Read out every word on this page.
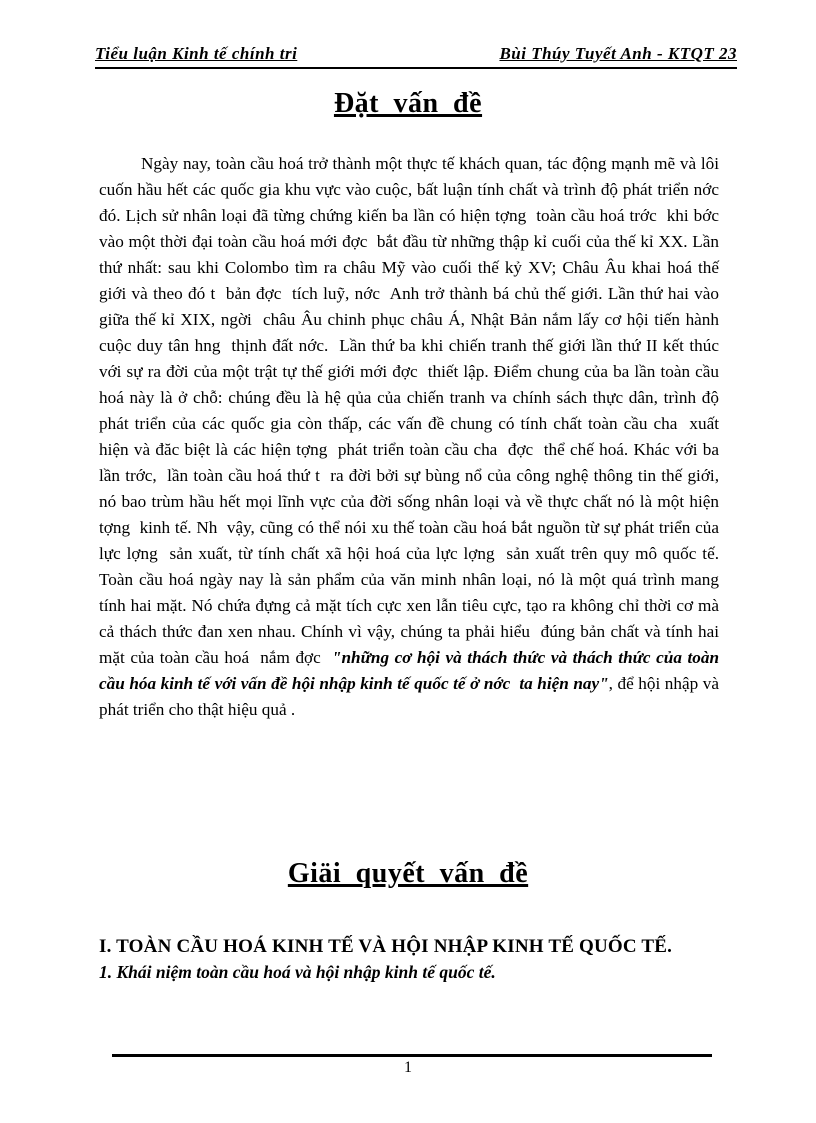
Tiểu luận Kinh tế chính tri	Bùi Thúy Tuyết Anh - KTQT 23
Đặt vấn đề

Ngày nay, toàn cầu hoá trở thành một thực tế khách quan, tác động mạnh mẽ và lôi cuốn hầu hết các quốc gia khu vực vào cuộc, bất luận tính chất và trình độ phát triển nớc  đó. Lịch sử nhân loại đã từng chứng kiến ba lần có hiện tợng  toàn cầu hoá trớc  khi bớc  vào một thời đại toàn cầu hoá mới đợc  bắt đầu từ những thập kỉ cuối của thế kỉ XX. Lần thứ nhất: sau khi Colombo tìm ra châu Mỹ vào cuối thế kỷ XV; Châu Âu khai hoá thế giới và theo đó t  bản đợc  tích luỹ, nớc  Anh trở thành bá chủ thế giới. Lần thứ hai vào giữa thế kỉ XIX, ngời  châu Âu chinh phục châu Á, Nhật Bản nắm lấy cơ hội tiến hành cuộc duy tân hng  thịnh đất nớc.  Lần thứ ba khi chiến tranh thế giới lần thứ II kết thúc với sự ra đời của một trật tự thế giới mới đợc  thiết lập. Điểm chung của ba lần toàn cầu hoá này là ở chỗ: chúng đều là hệ qủa của chiến tranh va chính sách thực dân, trình độ phát triển của các quốc gia còn thấp, các vấn đề chung có tính chất toàn cầu cha  xuất hiện và đăc biệt là các hiện tợng  phát triển toàn cầu cha  đợc  thể chế hoá. Khác với ba lần trớc,  lần toàn cầu hoá thứ t  ra đời bởi sự bùng nổ của công nghệ thông tin thế giới, nó bao trùm hầu hết mọi lĩnh vực của đời sống nhân loại và về thực chất nó là một hiện tợng  kinh tế. Nh  vậy, cũng có thể nói xu thế toàn cầu hoá bắt nguồn từ sự phát triển của lực lợng  sản xuất, từ tính chất xã hội hoá của lực lợng  sản xuất trên quy mô quốc tế. Toàn cầu hoá ngày nay là sản phẩm của văn minh nhân loại, nó là một quá trình mang tính hai mặt. Nó chứa đựng cả mặt tích cực xen lẫn tiêu cực, tạo ra không chỉ thời cơ mà cả thách thức đan xen nhau. Chính vì vậy, chúng ta phải hiểu  đúng bản chất và tính hai mặt của toàn cầu hoá  nắm đợc  "những cơ hội và thách thức và thách thức của toàn cầu hóa kinh tế với vấn đề hội nhập kinh tế quốc tế ở nớc  ta hiện nay", để hội nhập và phát triển cho thật hiệu quả .

Giäi quyết vấn đề
I. TOÀN CẦU HOÁ KINH TẾ VÀ HỘI NHẬP KINH TẾ QUỐC TẾ.
1. Khái niệm toàn cầu hoá và hội nhập kinh tế quốc tế.
1
